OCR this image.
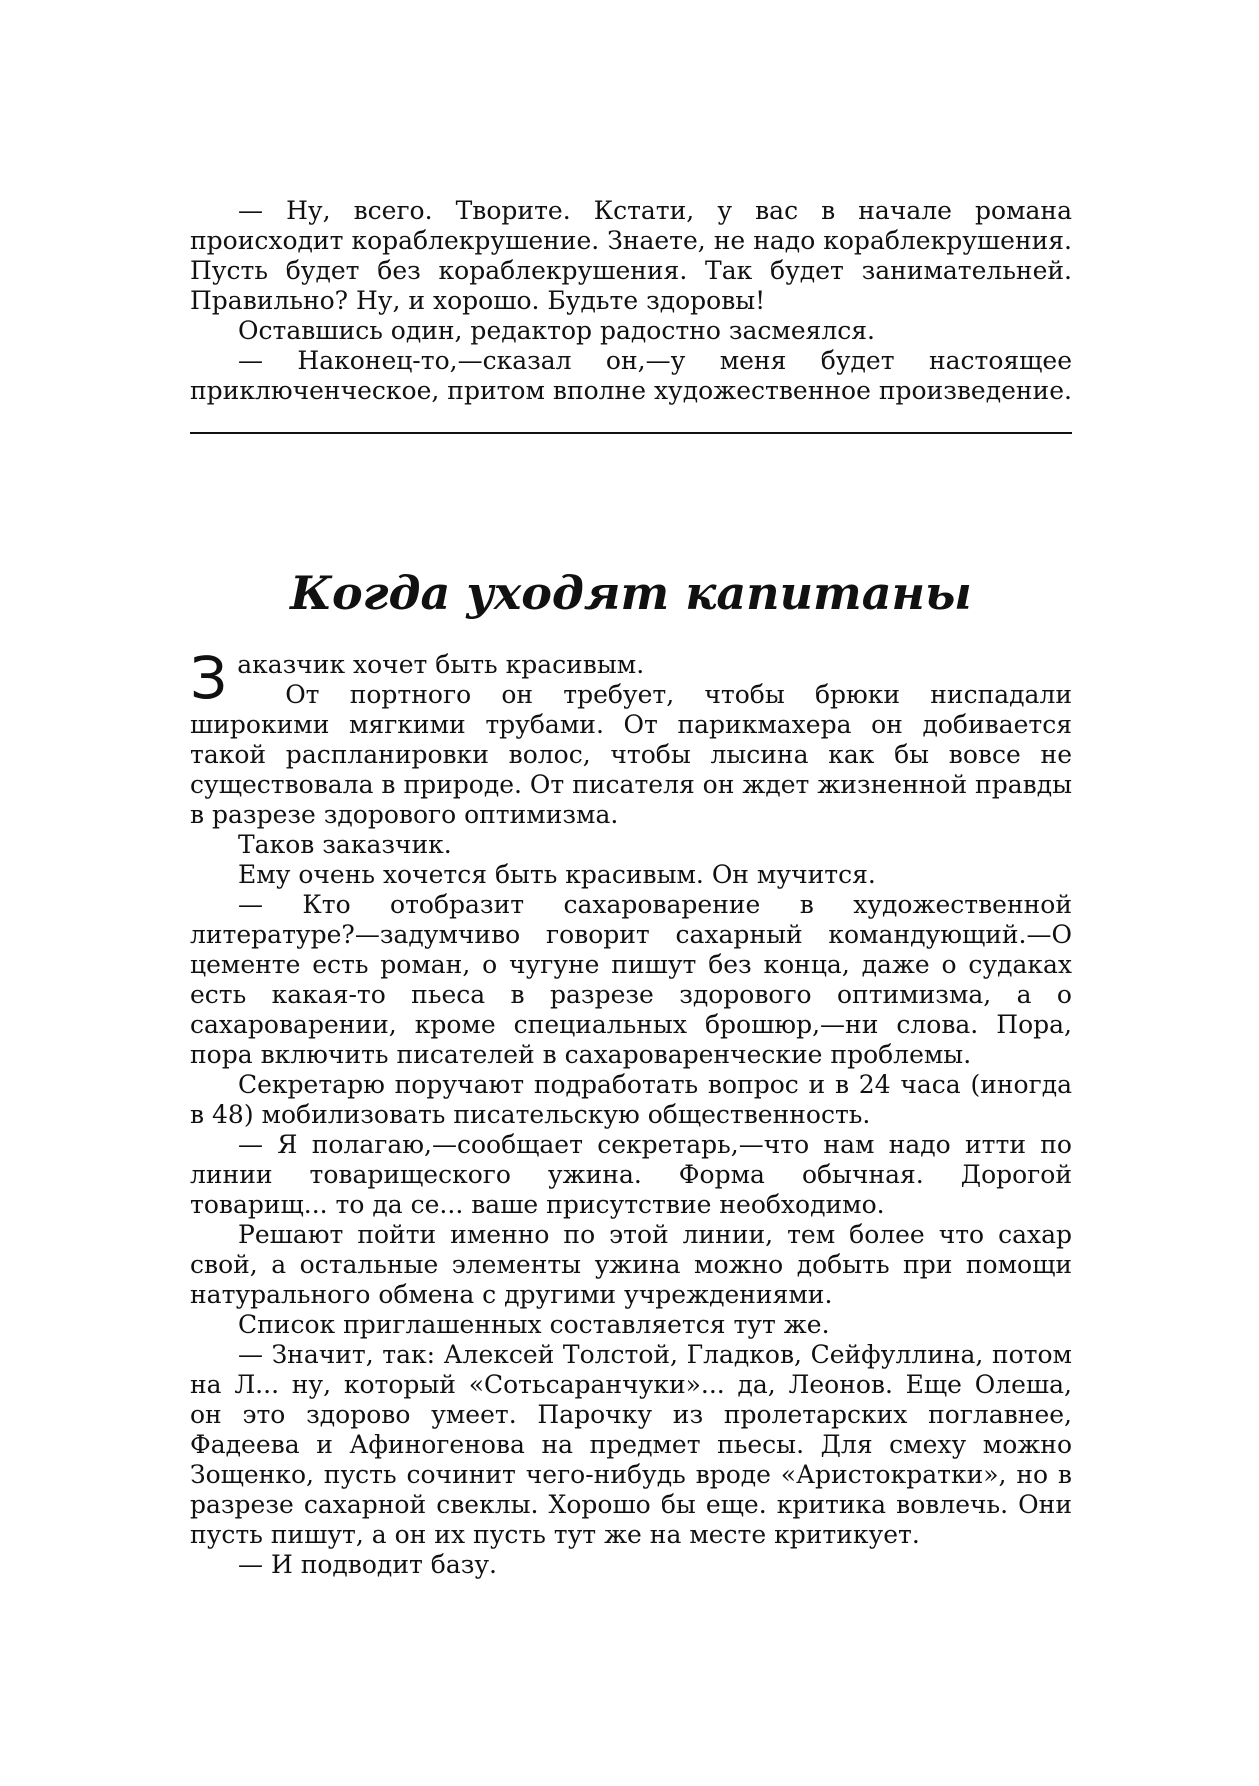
— Ну, всего. Творите. Кстати, у вас в начале романа происходит кораблекрушение. Знаете, не надо кораблекрушения. Пусть будет без кораблекрушения. Так будет занимательней. Правильно? Ну, и хорошо. Будьте здоровы!

Оставшись один, редактор радостно засмеялся.

— Наконец-то,—сказал он,—у меня будет настоящее приключенческое, притом вполне художественное произведение.

Когда уходят капитаны

Заказчик хочет быть красивым.

От портного он требует, чтобы брюки ниспадали широкими мягкими трубами. От парикмахера он добивается такой распланировки волос, чтобы лысина как бы вовсе не существовала в природе. От писателя он ждет жизненной правды в разрезе здорового оптимизма.

Таков заказчик.

Ему очень хочется быть красивым. Он мучится.

— Кто отобразит сахароварение в художественной литературе?—задумчиво говорит сахарный командующий.—О цементе есть роман, о чугуне пишут без конца, даже о судаках есть какая-то пьеса в разрезе здорового оптимизма, а о сахароварении, кроме специальных брошюр,—ни слова. Пора, пора включить писателей в сахароваренческие проблемы.

Секретарю поручают подработать вопрос и в 24 часа (иногда в 48) мобилизовать писательскую общественность.

— Я полагаю,—сообщает секретарь,—что нам надо итти по линии товарищеского ужина. Форма обычная. Дорогой товарищ... то да се... ваше присутствие необходимо.

Решают пойти именно по этой линии, тем более что сахар свой, а остальные элементы ужина можно добыть при помощи натурального обмена с другими учреждениями.

Список приглашенных составляется тут же.

— Значит, так: Алексей Толстой, Гладков, Сейфуллина, потом на Л... ну, который «Сотьсаранчуки»... да, Леонов. Еще Олеша, он это здорово умеет. Парочку из пролетарских поглавнее, Фадеева и Афиногенова на предмет пьесы. Для смеху можно Зощенко, пусть сочинит чего-нибудь вроде «Аристократки», но в разрезе сахарной свеклы. Хорошо бы еще. критика вовлечь. Они пусть пишут, а он их пусть тут же на месте критикует.

— И подводит базу.
